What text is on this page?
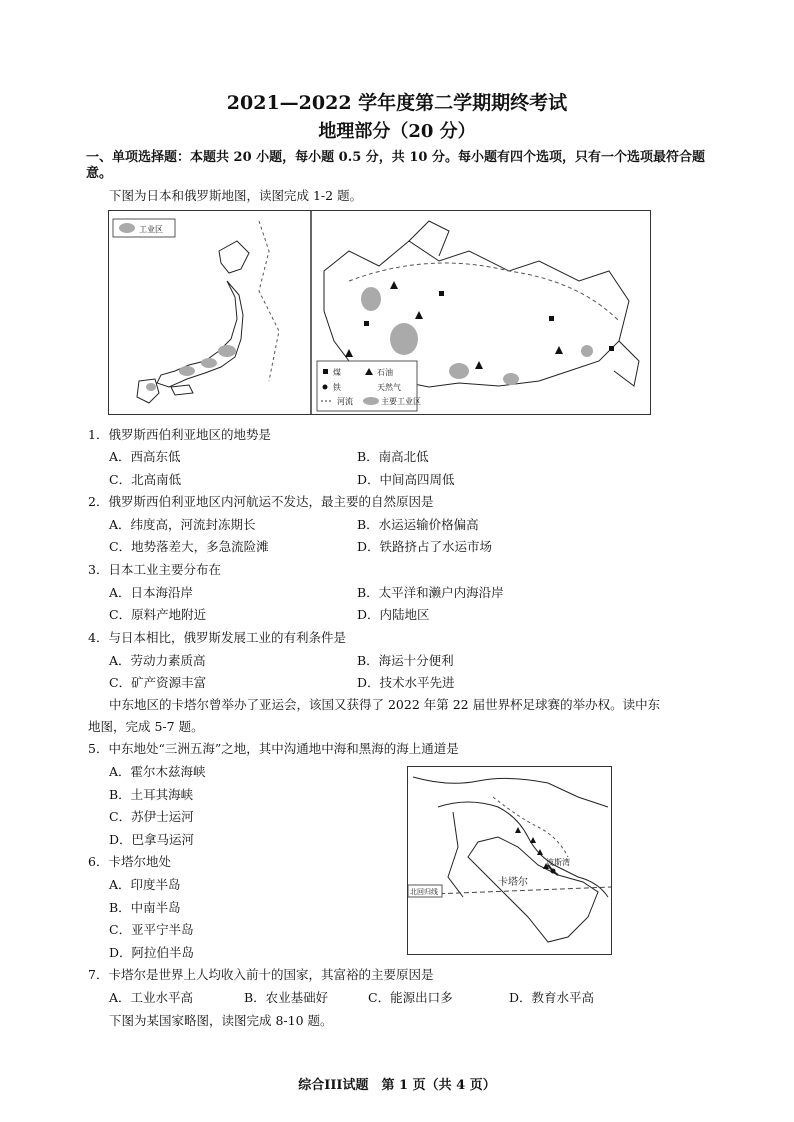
2021—2022 学年度第二学期期终考试
地理部分（20 分）
一、单项选择题：本题共 20 小题，每小题 0.5 分，共 10 分。每小题有四个选项，只有一个选项最符合题意。
下图为日本和俄罗斯地图，读图完成 1-2 题。
工业区
煤	石油
铁	天然气
河流	主要工业区
1．俄罗斯西伯利亚地区的地势是
A．西高东低	B．南高北低
C．北高南低	D．中间高四周低
2．俄罗斯西伯利亚地区内河航运不发达，最主要的自然原因是
A．纬度高，河流封冻期长	B．水运运输价格偏高
C．地势落差大，多急流险滩	D．铁路挤占了水运市场
3．日本工业主要分布在
A．日本海沿岸	B．太平洋和濑户内海沿岸
C．原料产地附近	D．内陆地区
4．与日本相比，俄罗斯发展工业的有利条件是
A．劳动力素质高	B．海运十分便利
C．矿产资源丰富	D．技术水平先进
中东地区的卡塔尔曾举办了亚运会，该国又获得了 2022 年第 22 届世界杯足球赛的举办权。读中东
地图，完成 5-7 题。
5．中东地处“三洲五海”之地，其中沟通地中海和黑海的海上通道是
A．霍尔木兹海峡
B．土耳其海峡
C．苏伊士运河
D．巴拿马运河
6．卡塔尔地处
A．印度半岛
B．中南半岛
C．亚平宁半岛
D．阿拉伯半岛
卡塔尔
北回归线
波斯湾
7．卡塔尔是世界上人均收入前十的国家，其富裕的主要原因是
A．工业水平高	B．农业基础好	C．能源出口多	D．教育水平高
下图为某国家略图，读图完成 8-10 题。
综合III试题　第 1 页（共 4 页）
